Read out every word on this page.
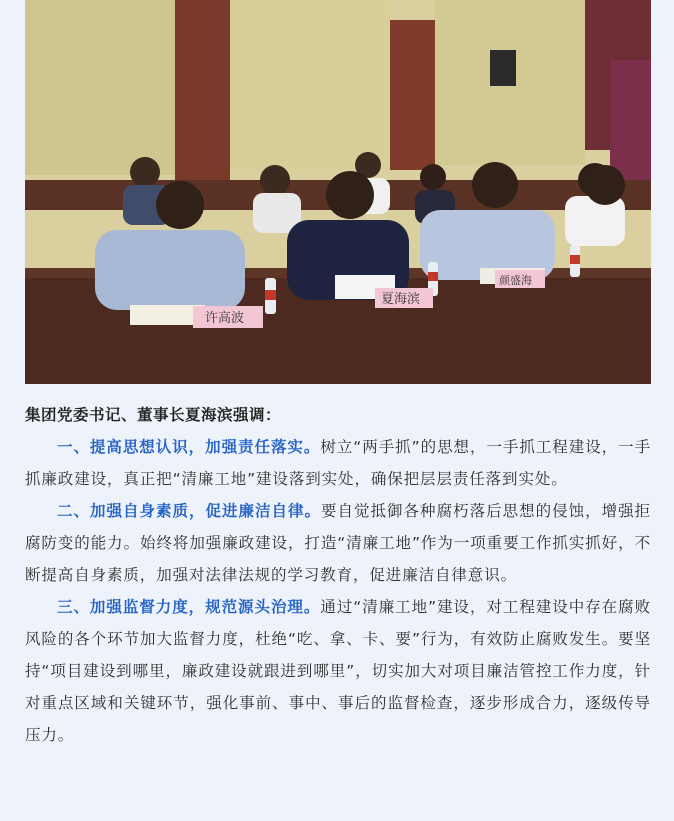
许高波
夏海滨
颜盛海

集团党委书记、董事长夏海滨强调：

一、提高思想认识，加强责任落实。树立“两手抓”的思想，一手抓工程建设，一手抓廉政建设，真正把“清廉工地”建设落到实处，确保把层层责任落到实处。

二、加强自身素质，促进廉洁自律。要自觉抵御各种腐朽落后思想的侵蚀，增强拒腐防变的能力。始终将加强廉政建设，打造“清廉工地”作为一项重要工作抓实抓好，不断提高自身素质，加强对法律法规的学习教育，促进廉洁自律意识。

三、加强监督力度，规范源头治理。通过“清廉工地”建设，对工程建设中存在腐败风险的各个环节加大监督力度，杜绝“吃、拿、卡、要”行为，有效防止腐败发生。要坚持“项目建设到哪里，廉政建设就跟进到哪里”，切实加大对项目廉洁管控工作力度，针对重点区域和关键环节，强化事前、事中、事后的监督检查，逐步形成合力，逐级传导压力。
